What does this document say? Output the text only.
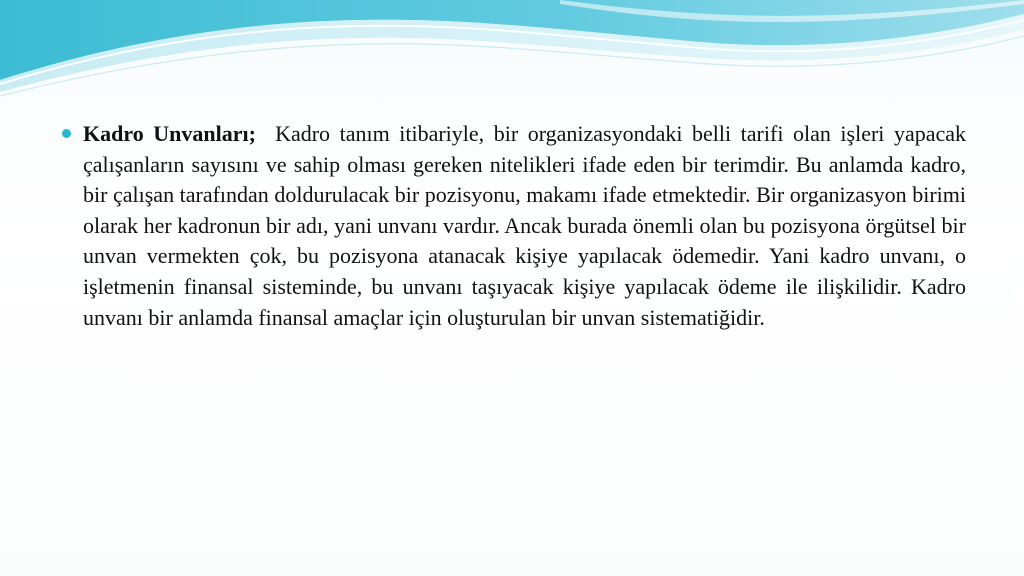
Kadro Unvanları; Kadro tanım itibariyle, bir organizasyondaki belli tarifi olan işleri yapacak çalışanların sayısını ve sahip olması gereken nitelikleri ifade eden bir terimdir. Bu anlamda kadro, bir çalışan tarafından doldurulacak bir pozisyonu, makamı ifade etmektedir. Bir organizasyon birimi olarak her kadronun bir adı, yani unvanı vardır. Ancak burada önemli olan bu pozisyona örgütsel bir unvan vermekten çok, bu pozisyona atanacak kişiye yapılacak ödemedir. Yani kadro unvanı, o işletmenin finansal sisteminde, bu unvanı taşıyacak kişiye yapılacak ödeme ile ilişkilidir. Kadro unvanı bir anlamda finansal amaçlar için oluşturulan bir unvan sistematiğidir.
